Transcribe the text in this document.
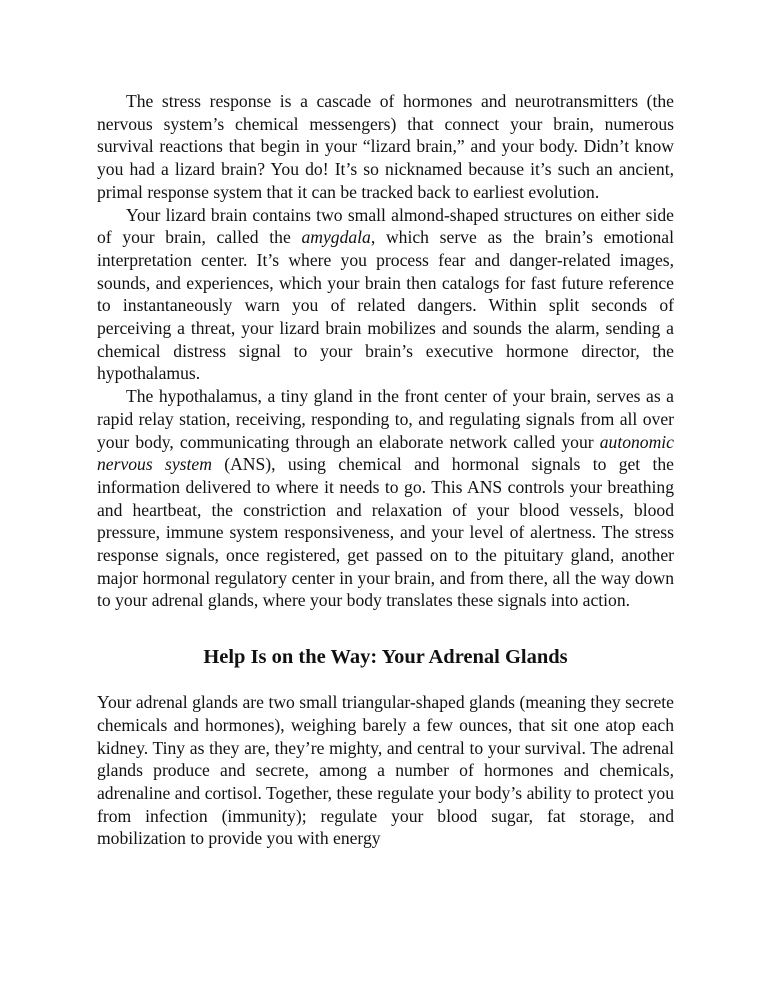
The stress response is a cascade of hormones and neurotransmitters (the nervous system’s chemical messengers) that connect your brain, numerous survival reactions that begin in your “lizard brain,” and your body. Didn’t know you had a lizard brain? You do! It’s so nicknamed because it’s such an ancient, primal response system that it can be tracked back to earliest evolution.

Your lizard brain contains two small almond-shaped structures on either side of your brain, called the amygdala, which serve as the brain’s emotional interpretation center. It’s where you process fear and danger-related images, sounds, and experiences, which your brain then catalogs for fast future reference to instantaneously warn you of related dangers. Within split seconds of perceiving a threat, your lizard brain mobilizes and sounds the alarm, sending a chemical distress signal to your brain’s executive hormone director, the hypothalamus.

The hypothalamus, a tiny gland in the front center of your brain, serves as a rapid relay station, receiving, responding to, and regulating signals from all over your body, communicating through an elaborate network called your autonomic nervous system (ANS), using chemical and hormonal signals to get the information delivered to where it needs to go. This ANS controls your breathing and heartbeat, the constriction and relaxation of your blood vessels, blood pressure, immune system responsiveness, and your level of alertness. The stress response signals, once registered, get passed on to the pituitary gland, another major hormonal regulatory center in your brain, and from there, all the way down to your adrenal glands, where your body translates these signals into action.

Help Is on the Way: Your Adrenal Glands

Your adrenal glands are two small triangular-shaped glands (meaning they secrete chemicals and hormones), weighing barely a few ounces, that sit one atop each kidney. Tiny as they are, they’re mighty, and central to your survival. The adrenal glands produce and secrete, among a number of hormones and chemicals, adrenaline and cortisol. Together, these regulate your body’s ability to protect you from infection (immunity); regulate your blood sugar, fat storage, and mobilization to provide you with energy
